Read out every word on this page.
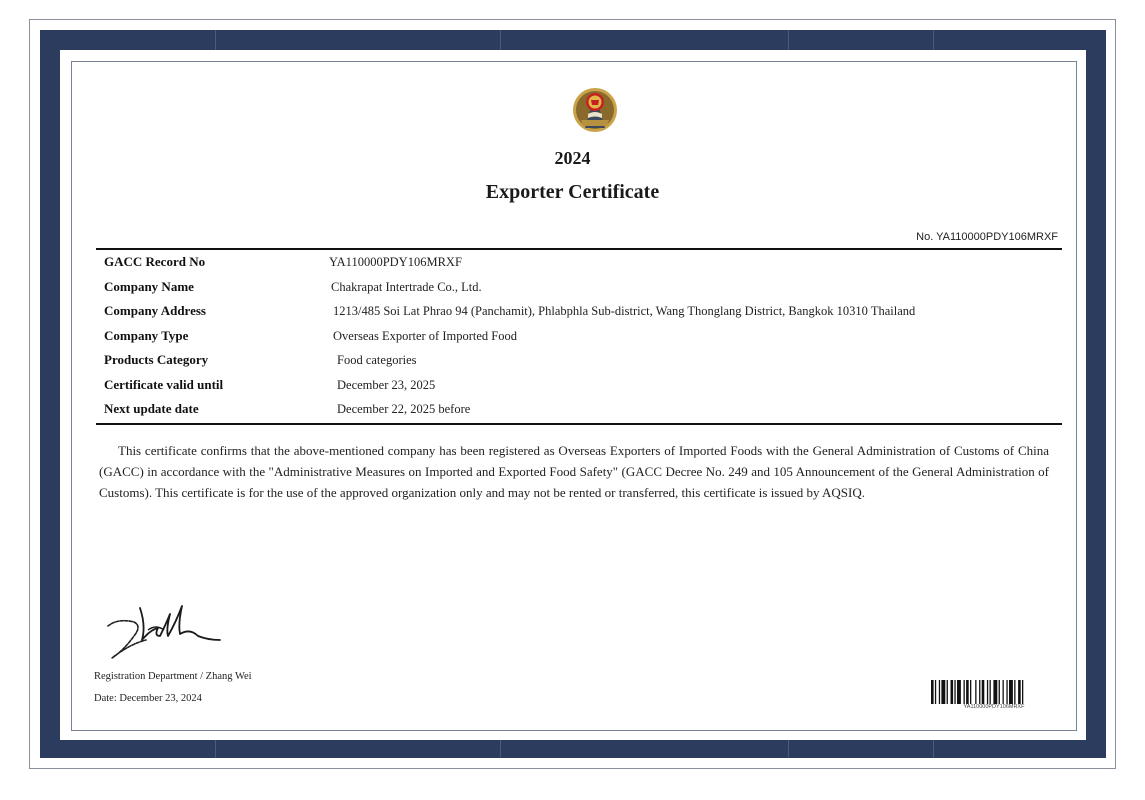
2024
Exporter Certificate
No. YA110000PDY106MRXF
GACC Record No	YA110000PDY106MRXF
Company Name	Chakrapat Intertrade Co., Ltd.
Company Address	1213/485 Soi Lat Phrao 94 (Panchamit), Phlabphla Sub-district, Wang Thonglang District, Bangkok 10310 Thailand
Company Type	Overseas Exporter of Imported Food
Products Category	Food categories
Certificate valid until	December 23, 2025
Next update date	December 22, 2025 before
This certificate confirms that the above-mentioned company has been registered as Overseas Exporters of Imported Foods with the General Administration of Customs of China (GACC) in accordance with the "Administrative Measures on Imported and Exported Food Safety" (GACC Decree No. 249 and 105 Announcement of the General Administration of Customs). This certificate is for the use of the approved organization only and may not be rented or transferred, this certificate is issued by AQSIQ.
Registration Department / Zhang Wei
Date: December 23, 2024
YA110000PDY106MRXF
